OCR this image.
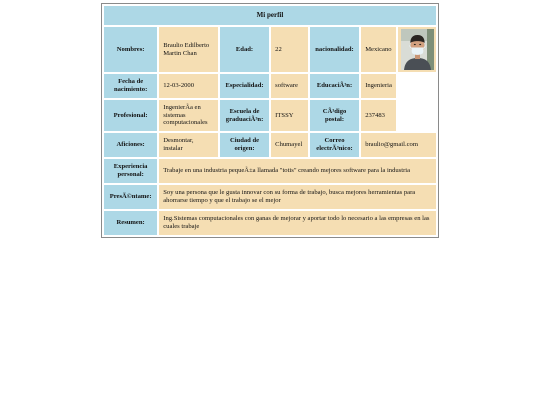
Mi perfil						
Nombres:	Braulio Edilberto Martin Chan	Edad:	22	nacionalidad:	Mexicano	

Fecha de nacimiento:	12-03-2000	Especialidad:	software	EducaciÃ³n:	Ingenieria	
Profesional:	IngenierÃa en sistemas computacionales	Escuela de graduaciÃ³n:	ITSSY	CÃ³digo postal:	237483	
Aficiones:	Desmontar, instalar	Ciudad de origen:	Chumayel	Correo electrÃ³nico:	braulio@gmail.com	
Experiencia personal:	Trabaje en una industria pequeÃ±a llamada "totis" creando mejores software para la industria					
PresÃ©ntame:	Soy una persona que le gusta innovar con su forma de trabajo, busca mejores herramientas para ahorrarse tiempo y que el trabajo se el mejor					
Resumen:	Ing.Sistemas computacionales con ganas de mejorar y aportar todo lo necesario a las empresas en las cuales trabaje					
